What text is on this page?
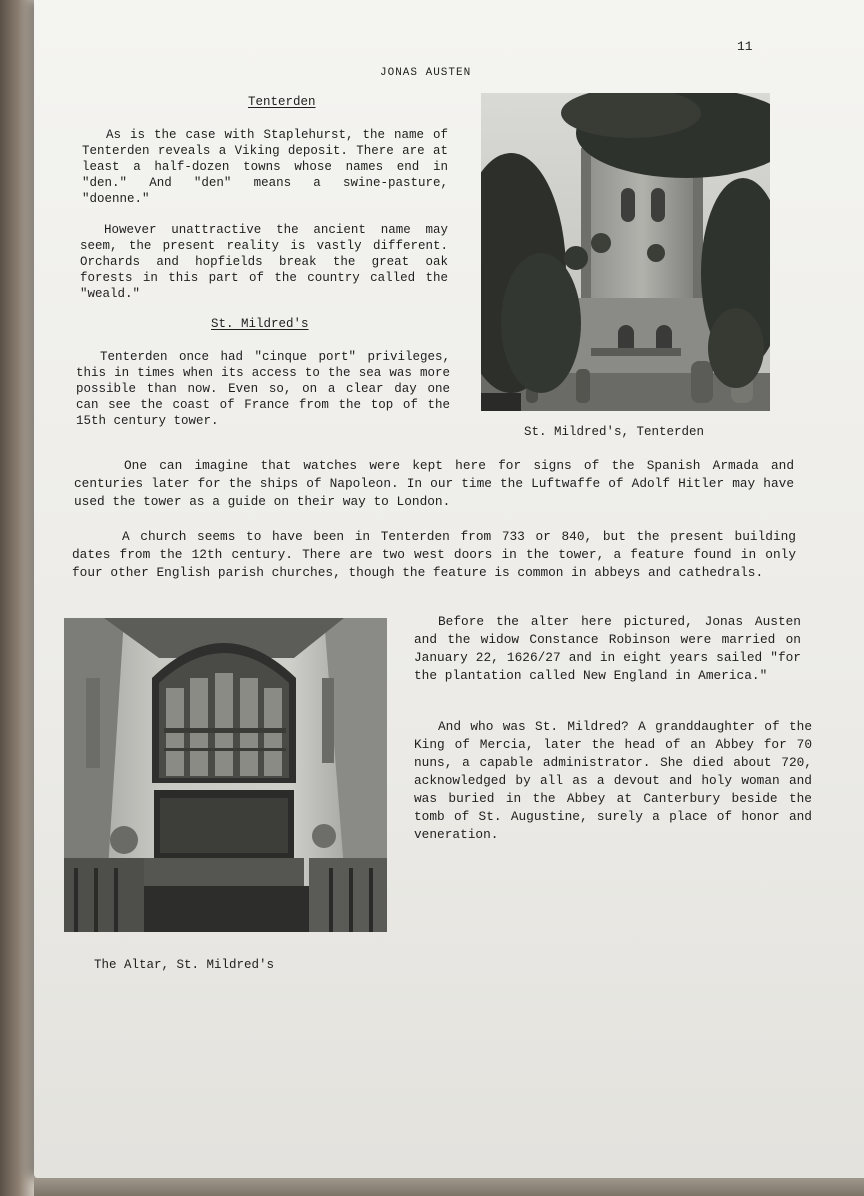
11
JONAS AUSTEN
Tenterden

As is the case with Staplehurst, the name of Tenterden reveals a Viking deposit. There are at least a half-dozen towns whose names end in "den." And "den" means a swine-pasture, "doenne."

However unattractive the ancient name may seem, the present reality is vastly different. Orchards and hopfields break the great oak forests in this part of the country called the "weald."

St. Mildred's

Tenterden once had "cinque port" privileges, this in times when its access to the sea was more possible than now. Even so, on a clear day one can see the coast of France from the top of the 15th century tower.

St. Mildred's, Tenterden

One can imagine that watches were kept here for signs of the Spanish Armada and centuries later for the ships of Napoleon. In our time the Luftwaffe of Adolf Hitler may have used the tower as a guide on their way to London.

A church seems to have been in Tenterden from 733 or 840, but the present building dates from the 12th century. There are two west doors in the tower, a feature found in only four other English parish churches, though the feature is common in abbeys and cathedrals.

The Altar, St. Mildred's

Before the alter here pictured, Jonas Austen and the widow Constance Robinson were married on January 22, 1626/27 and in eight years sailed "for the plantation called New England in America."

And who was St. Mildred? A granddaughter of the King of Mercia, later the head of an Abbey for 70 nuns, a capable administrator. She died about 720, acknowledged by all as a devout and holy woman and was buried in the Abbey at Canterbury beside the tomb of St. Augustine, surely a place of honor and veneration.
